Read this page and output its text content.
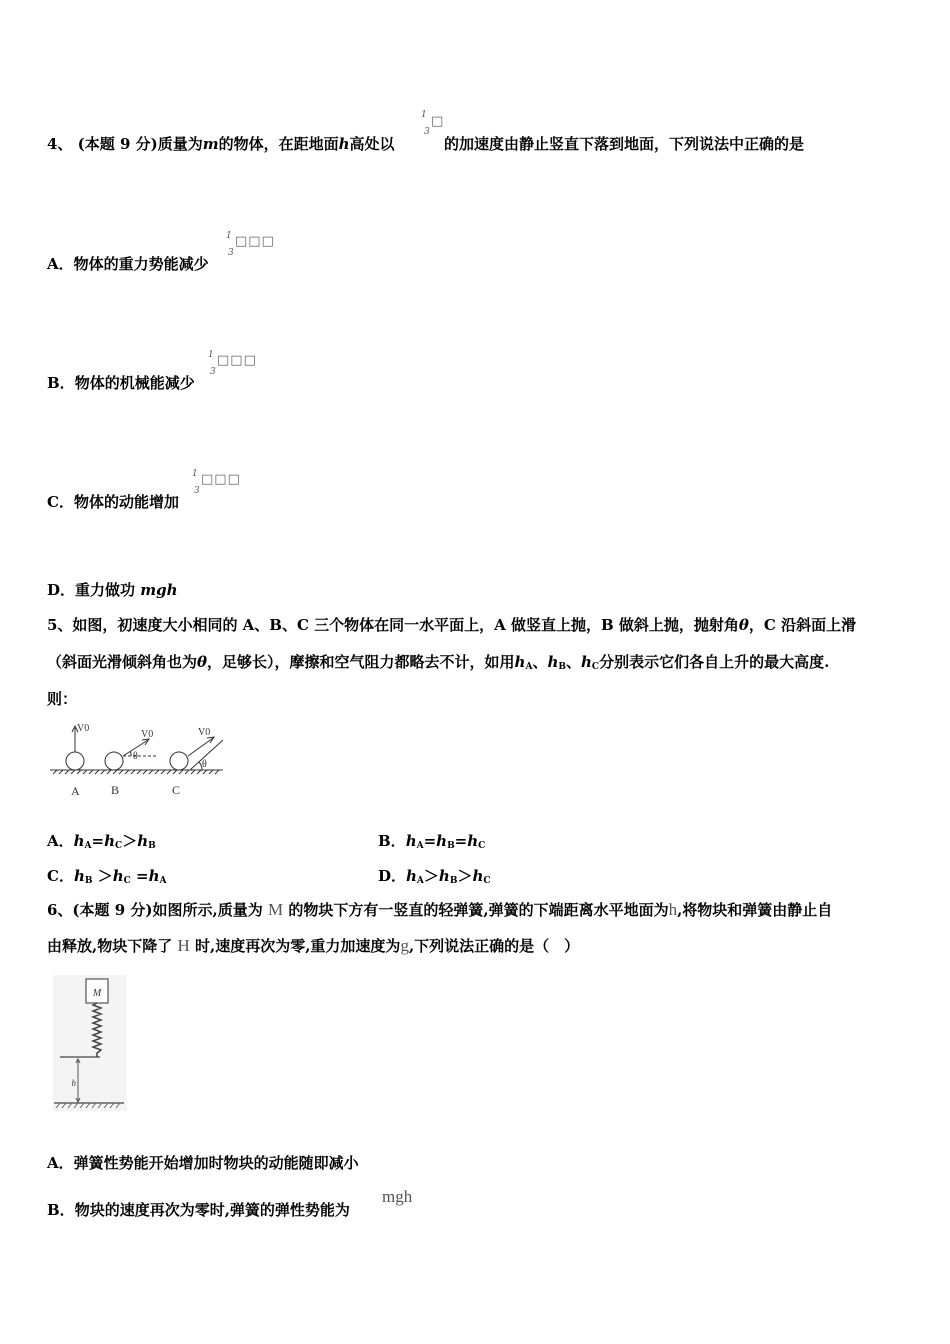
4、 (本题 9 分)质量为m的物体，在距地面h高处以
1
3
□
的加速度由静止竖直下落到地面，下列说法中正确的是
A．物体的重力势能减少
1
3
□□□
B．物体的机械能减少
1
3
□□□
C．物体的动能增加
1
3
□□□
D．重力做功 mgh
5、如图，初速度大小相同的 A、B、C 三个物体在同一水平面上，A 做竖直上抛，B 做斜上抛，抛射角θ，C 沿斜面上滑
（斜面光滑倾斜角也为θ，足够长），摩擦和空气阻力都略去不计，如用$h_A$、$h_B$、$h_C$分别表示它们各自上升的最大高度.
则：
V0
V0	V0
θ
θ
A	B	C
A．$h_A=h_C>h_B$	B．$h_A=h_B=h_C$
C．$h_B >h_C =h_A$	D．$h_A>h_B>h_C$
6、(本题 9 分)如图所示,质量为 M 的物块下方有一竖直的轻弹簧,弹簧的下端距离水平地面为h,将物块和弹簧由静止自
由释放,物块下降了 H 时,速度再次为零,重力加速度为g,下列说法正确的是（　）
M
h
A．弹簧性势能开始增加时物块的动能随即减小
B．物块的速度再次为零时,弹簧的弹性势能为
mgh
